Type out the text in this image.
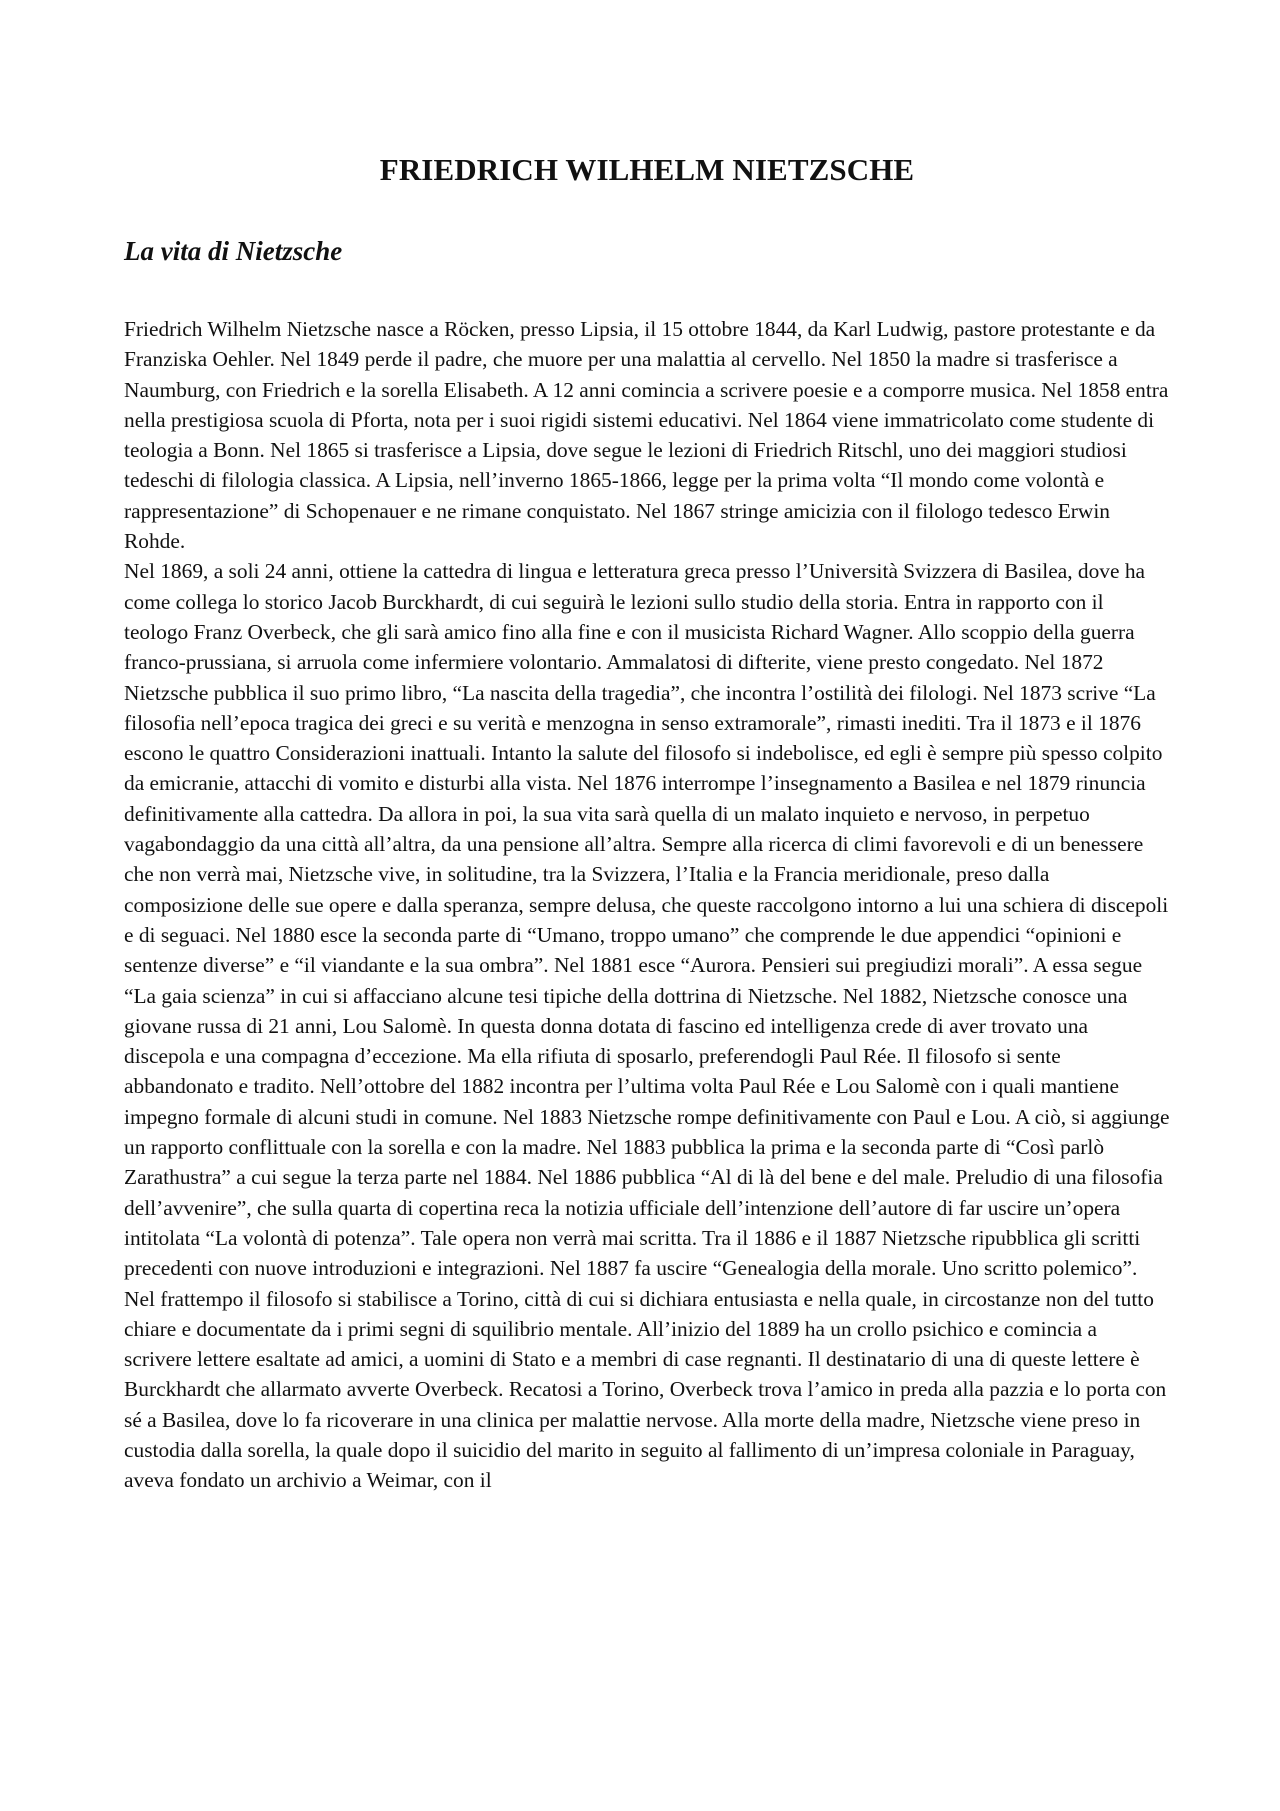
FRIEDRICH WILHELM NIETZSCHE
La vita di Nietzsche

Friedrich Wilhelm Nietzsche nasce a Röcken, presso Lipsia, il 15 ottobre 1844, da Karl Ludwig, pastore protestante e da Franziska Oehler. Nel 1849 perde il padre, che muore per una malattia al cervello. Nel 1850 la madre si trasferisce a Naumburg, con Friedrich e la sorella Elisabeth. A 12 anni comincia a scrivere poesie e a comporre musica. Nel 1858 entra nella prestigiosa scuola di Pforta, nota per i suoi rigidi sistemi educativi. Nel 1864 viene immatricolato come studente di teologia a Bonn. Nel 1865 si trasferisce a Lipsia, dove segue le lezioni di Friedrich Ritschl, uno dei maggiori studiosi tedeschi di filologia classica. A Lipsia, nell’inverno 1865-1866, legge per la prima volta “Il mondo come volontà e rappresentazione” di Schopenauer e ne rimane conquistato. Nel 1867 stringe amicizia con il filologo tedesco Erwin Rohde.

Nel 1869, a soli 24 anni, ottiene la cattedra di lingua e letteratura greca presso l’Università Svizzera di Basilea, dove ha come collega lo storico Jacob Burckhardt, di cui seguirà le lezioni sullo studio della storia. Entra in rapporto con il teologo Franz Overbeck, che gli sarà amico fino alla fine e con il musicista Richard Wagner. Allo scoppio della guerra franco-prussiana, si arruola come infermiere volontario. Ammalatosi di difterite, viene presto congedato. Nel 1872 Nietzsche pubblica il suo primo libro, “La nascita della tragedia”, che incontra l’ostilità dei filologi. Nel 1873 scrive “La filosofia nell’epoca tragica dei greci e su verità e menzogna in senso extramorale”, rimasti inediti. Tra il 1873 e il 1876 escono le quattro Considerazioni inattuali. Intanto la salute del filosofo si indebolisce, ed egli è sempre più spesso colpito da emicranie, attacchi di vomito e disturbi alla vista. Nel 1876 interrompe l’insegnamento a Basilea e nel 1879 rinuncia definitivamente alla cattedra. Da allora in poi, la sua vita sarà quella di un malato inquieto e nervoso, in perpetuo vagabondaggio da una città all’altra, da una pensione all’altra. Sempre alla ricerca di climi favorevoli e di un benessere che non verrà mai, Nietzsche vive, in solitudine, tra la Svizzera, l’Italia e la Francia meridionale, preso dalla composizione delle sue opere e dalla speranza, sempre delusa, che queste raccolgono intorno a lui una schiera di discepoli e di seguaci. Nel 1880 esce la seconda parte di “Umano, troppo umano” che comprende le due appendici “opinioni e sentenze diverse” e “il viandante e la sua ombra”. Nel 1881 esce “Aurora. Pensieri sui pregiudizi morali”. A essa segue “La gaia scienza” in cui si affacciano alcune tesi tipiche della dottrina di Nietzsche. Nel 1882, Nietzsche conosce una giovane russa di 21 anni, Lou Salomè. In questa donna dotata di fascino ed intelligenza crede di aver trovato una discepola e una compagna d’eccezione. Ma ella rifiuta di sposarlo, preferendogli Paul Rée. Il filosofo si sente abbandonato e tradito. Nell’ottobre del 1882 incontra per l’ultima volta Paul Rée e Lou Salomè con i quali mantiene impegno formale di alcuni studi in comune. Nel 1883 Nietzsche rompe definitivamente con Paul e Lou. A ciò, si aggiunge un rapporto conflittuale con la sorella e con la madre. Nel 1883 pubblica la prima e la seconda parte di “Così parlò Zarathustra” a cui segue la terza parte nel 1884. Nel 1886 pubblica “Al di là del bene e del male. Preludio di una filosofia dell’avvenire”, che sulla quarta di copertina reca la notizia ufficiale dell’intenzione dell’autore di far uscire un’opera intitolata “La volontà di potenza”. Tale opera non verrà mai scritta. Tra il 1886 e il 1887 Nietzsche ripubblica gli scritti precedenti con nuove introduzioni e integrazioni. Nel 1887 fa uscire “Genealogia della morale. Uno scritto polemico”. Nel frattempo il filosofo si stabilisce a Torino, città di cui si dichiara entusiasta e nella quale, in circostanze non del tutto chiare e documentate da i primi segni di squilibrio mentale. All’inizio del 1889 ha un crollo psichico e comincia a scrivere lettere esaltate ad amici, a uomini di Stato e a membri di case regnanti. Il destinatario di una di queste lettere è Burckhardt che allarmato avverte Overbeck. Recatosi a Torino, Overbeck trova l’amico in preda alla pazzia e lo porta con sé a Basilea, dove lo fa ricoverare in una clinica per malattie nervose. Alla morte della madre, Nietzsche viene preso in custodia dalla sorella, la quale dopo il suicidio del marito in seguito al fallimento di un’impresa coloniale in Paraguay, aveva fondato un archivio a Weimar, con il
